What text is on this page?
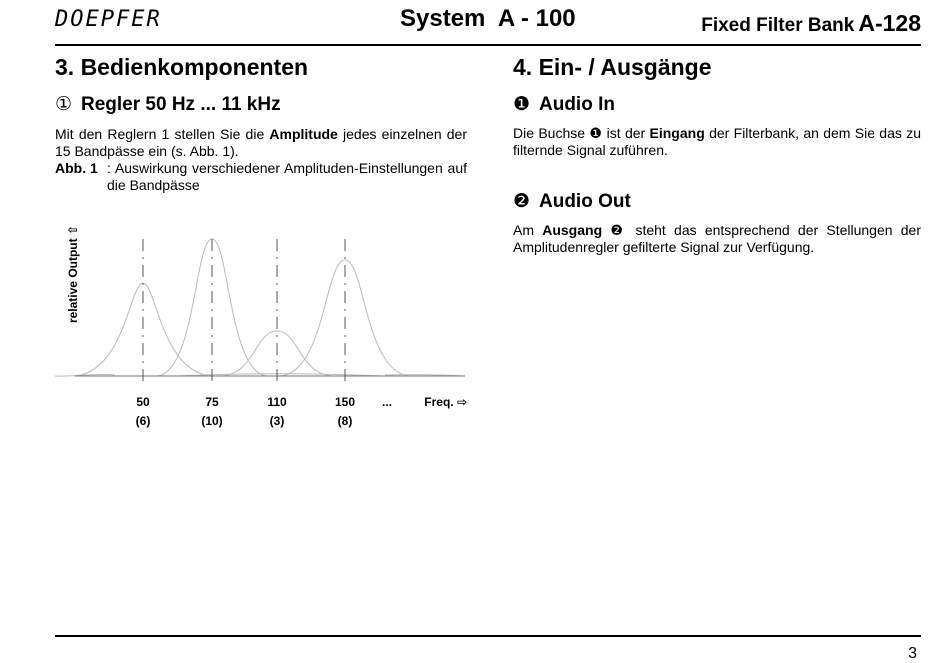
DOEPFER	System  A - 100	Fixed Filter Bank A-128
3. Bedienkomponenten
① Regler 50 Hz ... 11 kHz

Mit den Reglern 1 stellen Sie die Amplitude jedes einzelnen der 15 Bandpässe ein (s. Abb. 1).

Abb. 1 : Auswirkung verschiedener Amplituden-Einstellungen auf die Bandpässe
relative Output ⇧
50
(6)
75
(10)
110
(3)
150
(8)
...	Freq. ⇨
4. Ein- / Ausgänge
❶ Audio In

Die Buchse ❶ ist der Eingang der Filterbank, an dem Sie das zu filternde Signal zuführen.

❷ Audio Out

Am Ausgang ❷ steht das entsprechend der Stellungen der Amplitudenregler gefilterte Signal zur Verfügung.

3
